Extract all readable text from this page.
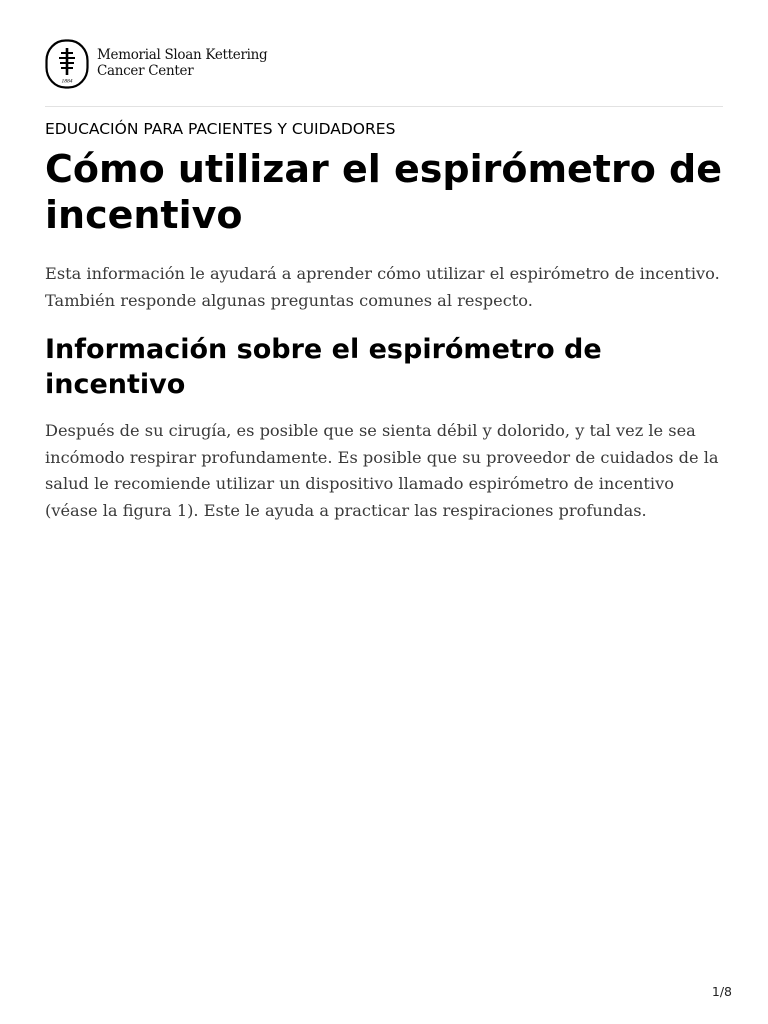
1884
Memorial Sloan Kettering
Cancer Center
EDUCACIÓN PARA PACIENTES Y CUIDADORES
Cómo utilizar el espirómetro de incentivo

Esta información le ayudará a aprender cómo utilizar el espirómetro de incentivo. También responde algunas preguntas comunes al respecto.

Información sobre el espirómetro de incentivo

Después de su cirugía, es posible que se sienta débil y dolorido, y tal vez le sea incómodo respirar profundamente. Es posible que su proveedor de cuidados de la salud le recomiende utilizar un dispositivo llamado espirómetro de incentivo (véase la figura 1). Este le ayuda a practicar las respiraciones profundas.

1/8
